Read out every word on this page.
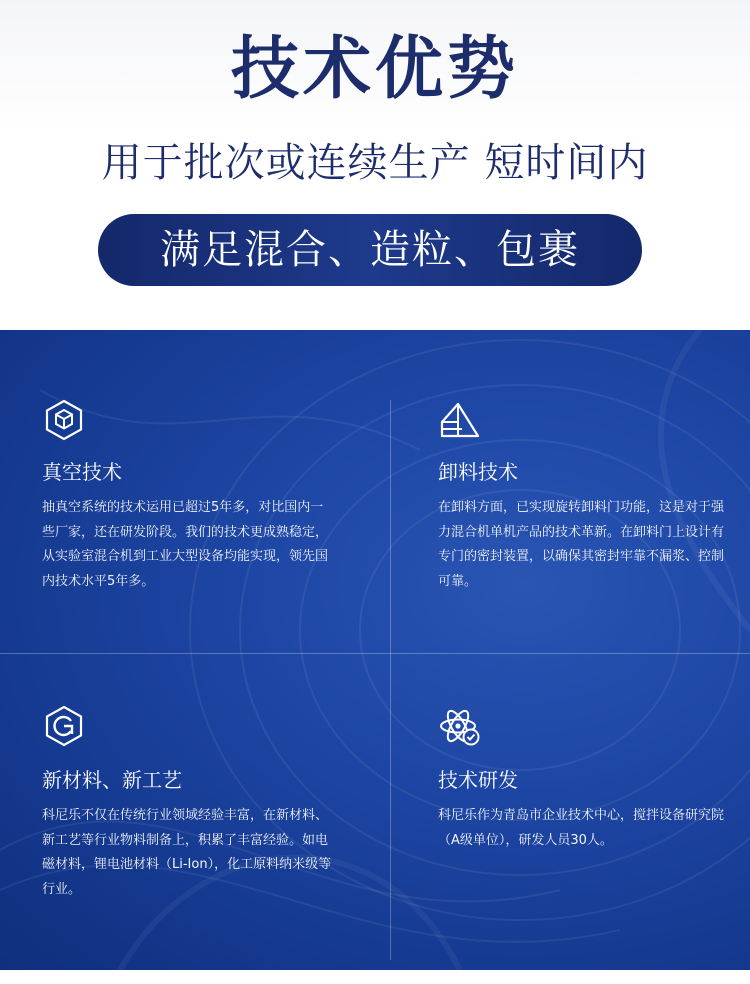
技术优势
用于批次或连续生产 短时间内
满足混合、造粒、包裹
真空技术
抽真空系统的技术运用已超过5年多，对比国内一些厂家，还在研发阶段。我们的技术更成熟稳定，从实验室混合机到工业大型设备均能实现，领先国内技术水平5年多。
卸料技术
在卸料方面，已实现旋转卸料门功能，这是对于强力混合机单机产品的技术革新。在卸料门上设计有专门的密封装置，以确保其密封牢靠不漏浆、控制可靠。
新材料、新工艺
科尼乐不仅在传统行业领域经验丰富，在新材料、新工艺等行业物料制备上，积累了丰富经验。如电磁材料，锂电池材料（Li-Ion），化工原料纳米级等行业。
技术研发
科尼乐作为青岛市企业技术中心，搅拌设备研究院（A级单位），研发人员30人。
